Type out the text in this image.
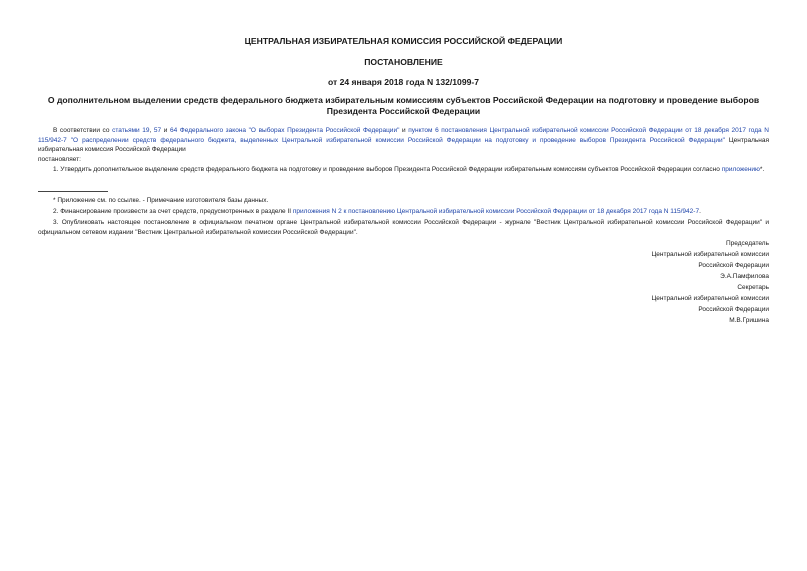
ЦЕНТРАЛЬНАЯ ИЗБИРАТЕЛЬНАЯ КОМИССИЯ РОССИЙСКОЙ ФЕДЕРАЦИИ
ПОСТАНОВЛЕНИЕ
от 24 января 2018 года N 132/1099-7
О дополнительном выделении средств федерального бюджета избирательным комиссиям субъектов Российской Федерации на подготовку и проведение выборов Президента Российской Федерации
В соответствии со статьями 19, 57 и 64 Федерального закона "О выборах Президента Российской Федерации" и пунктом 6 постановления Центральной избирательной комиссии Российской Федерации от 18 декабря 2017 года N 115/942-7 "О распределении средств федерального бюджета, выделенных Центральной избирательной комиссии Российской Федерации на подготовку и проведение выборов Президента Российской Федерации" Центральная избирательная комиссия Российской Федерации
постановляет:
1. Утвердить дополнительное выделение средств федерального бюджета на подготовку и проведение выборов Президента Российской Федерации избирательным комиссиям субъектов Российской Федерации согласно приложению*.
* Приложение см. по ссылке. - Примечание изготовителя базы данных.
2. Финансирование произвести за счет средств, предусмотренных в разделе II приложения N 2 к постановлению Центральной избирательной комиссии Российской Федерации от 18 декабря 2017 года N 115/942-7.
3. Опубликовать настоящее постановление в официальном печатном органе Центральной избирательной комиссии Российской Федерации - журнале "Вестник Центральной избирательной комиссии Российской Федерации" и официальном сетевом издании "Вестник Центральной избирательной комиссии Российской Федерации".
Председатель
Центральной избирательной комиссии
Российской Федерации
Э.А.Памфилова
Секретарь
Центральной избирательной комиссии
Российской Федерации
М.В.Гришина
